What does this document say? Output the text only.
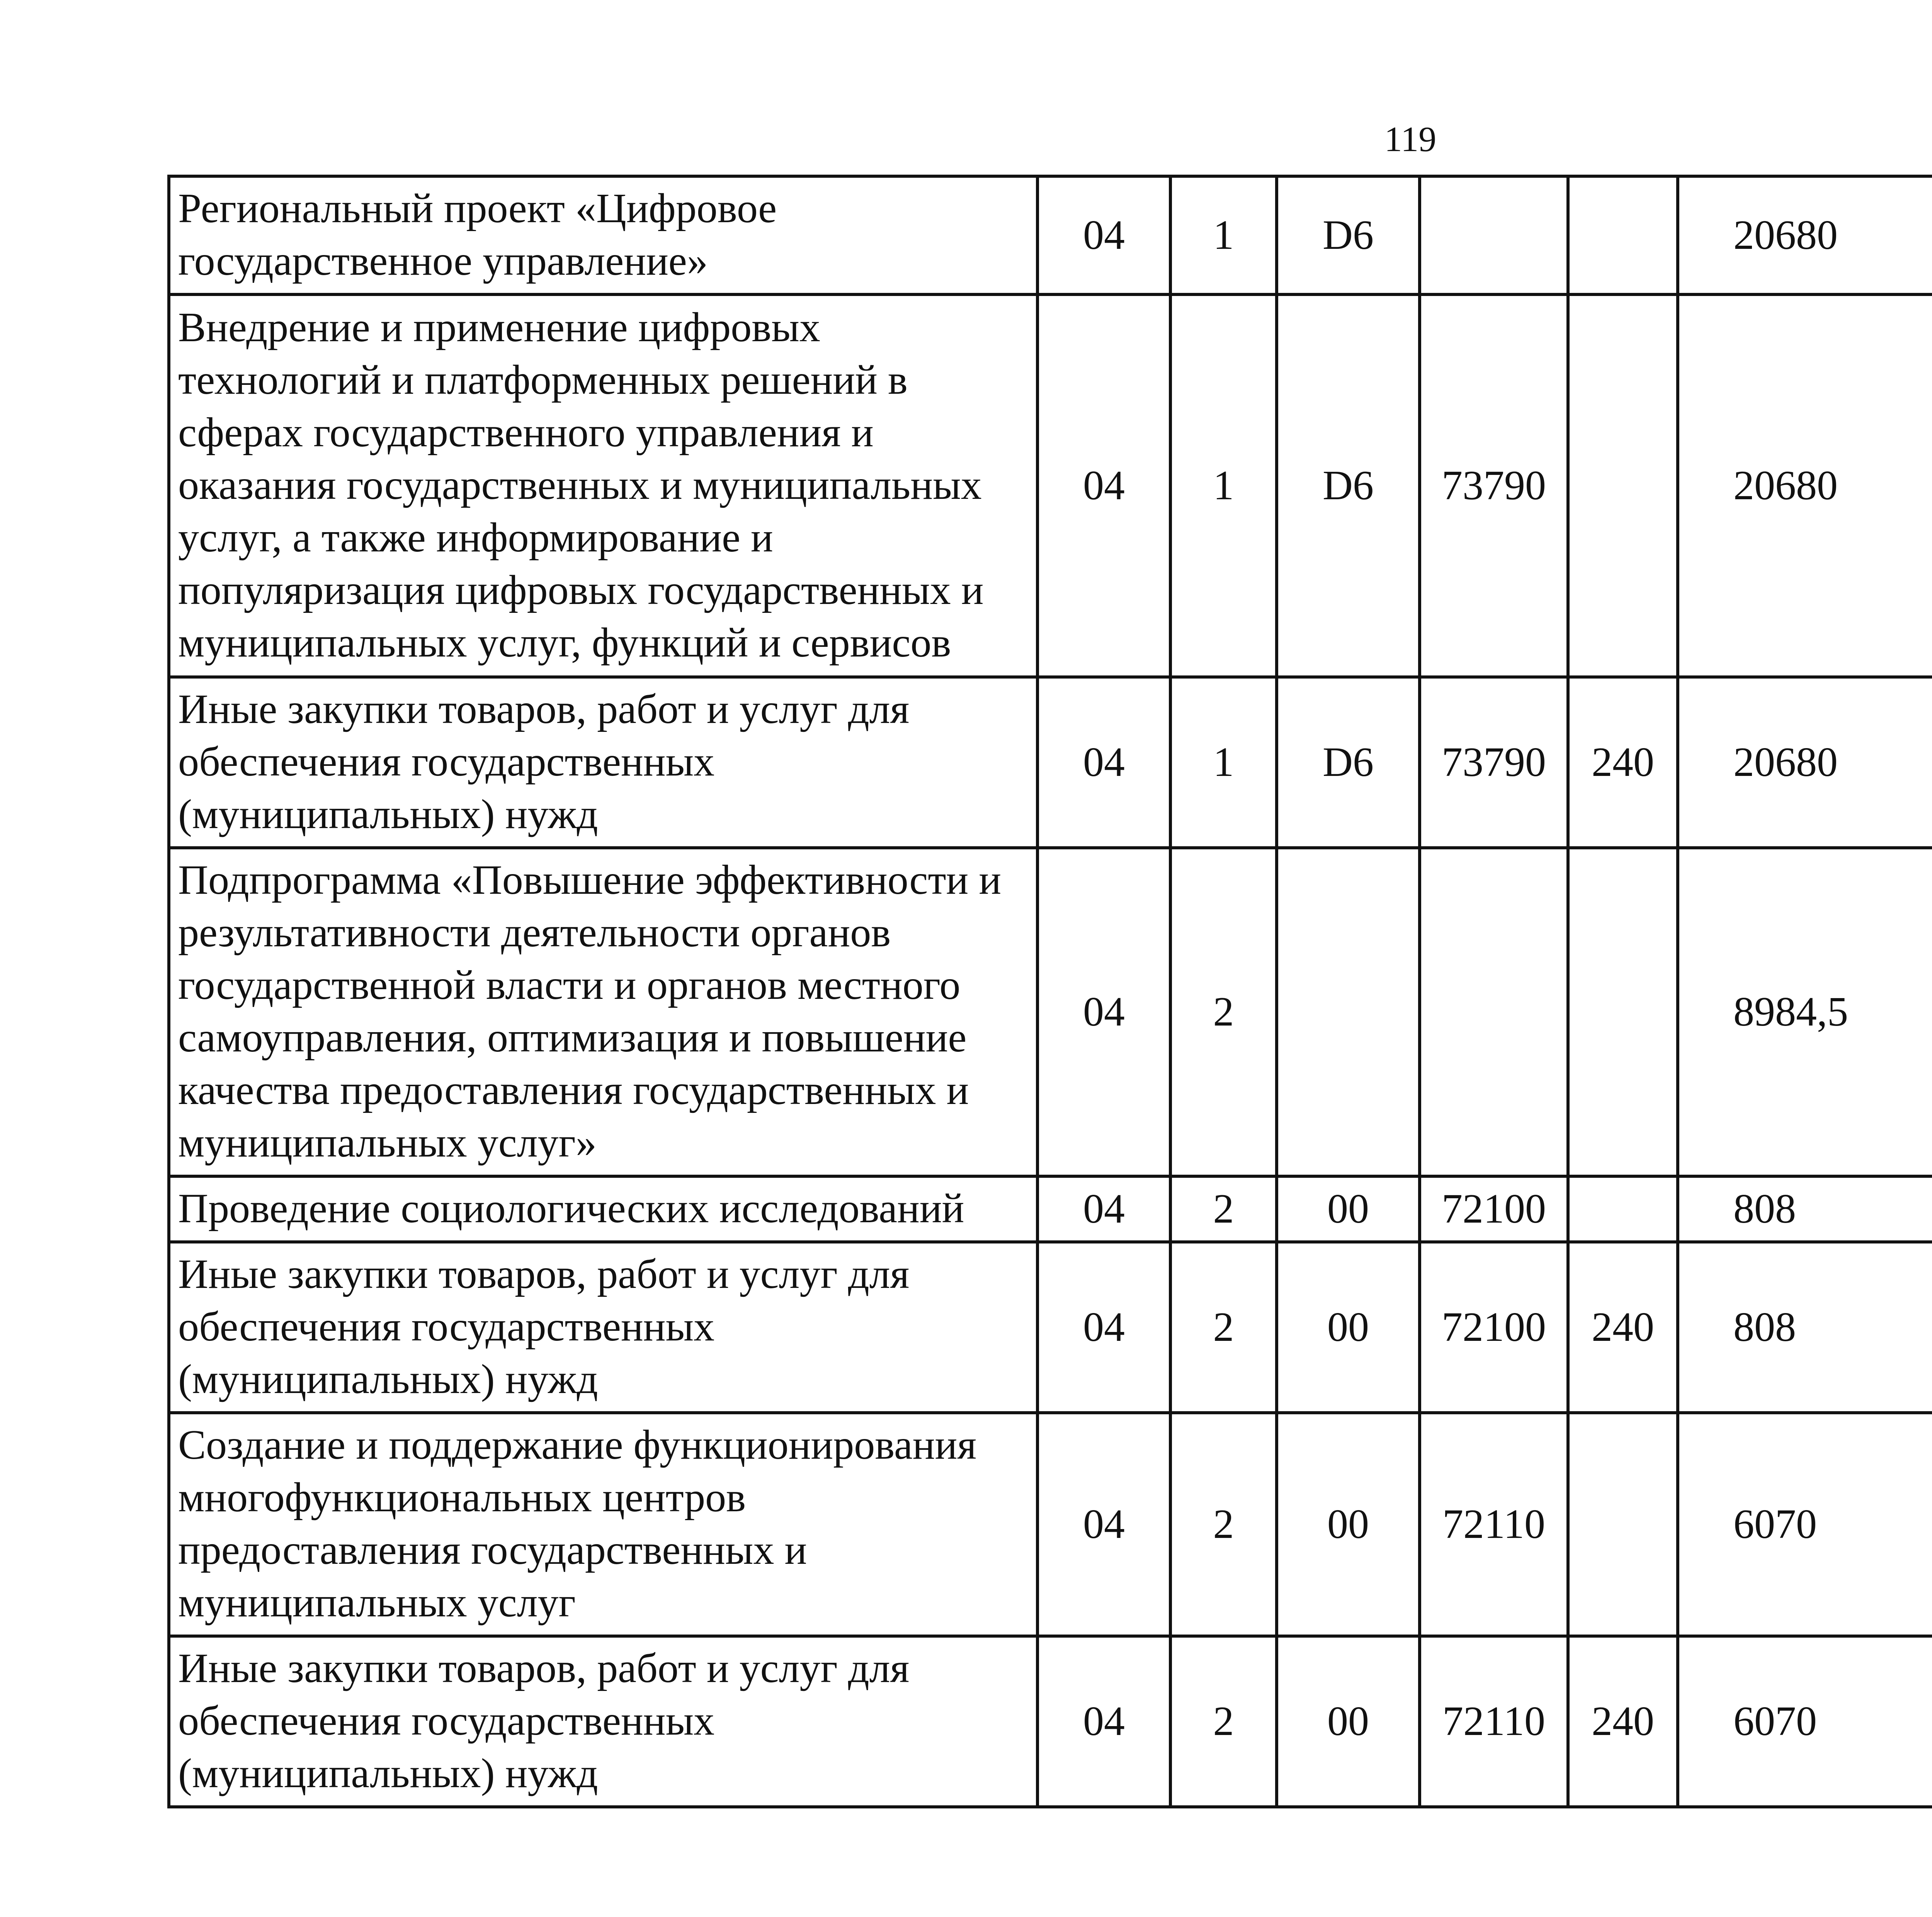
119
Региональный проект «Цифровое государственное управление»	04	1	D6			20680		
Внедрение и применение цифровых технологий и платформенных решений в сферах государственного управления и оказания государственных и муниципальных услуг, а также информирование и популяризация цифровых государственных и муниципальных услуг, функций и сервисов	04	1	D6	73790		20680		
Иные закупки товаров, работ и услуг для обеспечения государственных (муниципальных) нужд	04	1	D6	73790	240	20680		
Подпрограмма «Повышение эффективности и результативности деятельности органов государственной власти и органов местного самоуправления, оптимизация и повышение качества предоставления государственных и муниципальных услуг»	04	2				8984,5		
Проведение социологических исследований	04	2	00	72100		808		
Иные закупки товаров, работ и услуг для обеспечения государственных (муниципальных) нужд	04	2	00	72100	240	808		
Создание и поддержание функционирования многофункциональных центров предоставления государственных и муниципальных услуг	04	2	00	72110		6070		
Иные закупки товаров, работ и услуг для обеспечения государственных (муниципальных) нужд	04	2	00	72110	240	6070		
